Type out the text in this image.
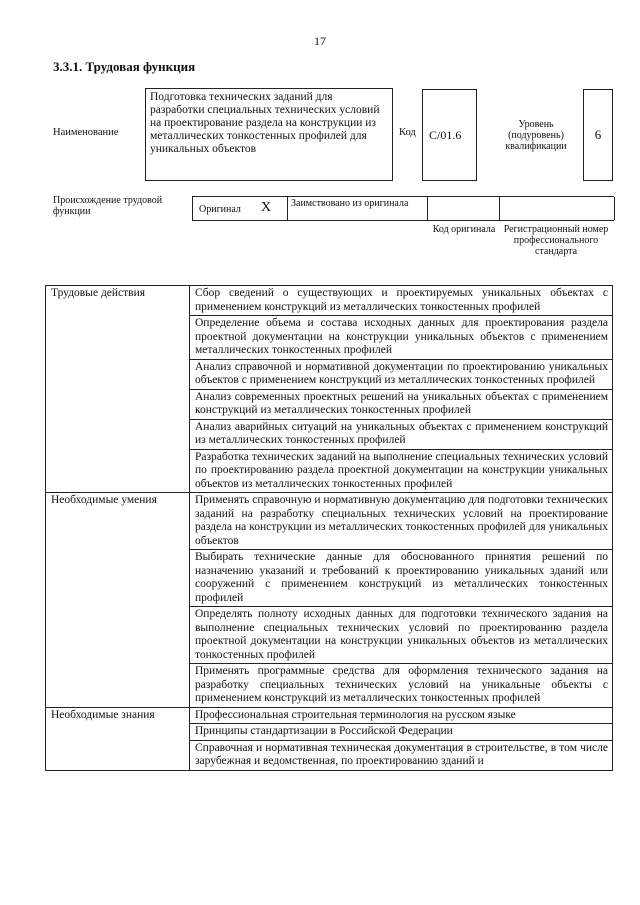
17
3.3.1. Трудовая функция
Наименование
Подготовка технических заданий для разработки специальных технических условий на проектирование раздела на конструкции из металлических тонкостенных профилей для уникальных объектов
Код	С/01.6
Уровень (подуровень) квалификации
6
Происхождение трудовой функции	Оригинал X Заимствовано из оригинала
Код оригинала Регистрационный номер профессионального стандарта
Трудовые действия	Сбор сведений о существующих и проектируемых уникальных объектах с применением конструкций из металлических тонкостенных профилей
	Определение объема и состава исходных данных для проектирования раздела проектной документации на конструкции уникальных объектов с применением металлических тонкостенных профилей
	Анализ справочной и нормативной документации по проектированию уникальных объектов с применением конструкций из металлических тонкостенных профилей
	Анализ современных проектных решений на уникальных объектах с применением конструкций из металлических тонкостенных профилей
	Анализ аварийных ситуаций на уникальных объектах с применением конструкций из металлических тонкостенных профилей
	Разработка технических заданий на выполнение специальных технических условий по проектированию раздела проектной документации на конструкции уникальных объектов из металлических тонкостенных профилей
Необходимые умения	Применять справочную и нормативную документацию для подготовки технических заданий на разработку специальных технических условий на проектирование раздела на конструкции из металлических тонкостенных профилей для уникальных объектов
	Выбирать технические данные для обоснованного принятия решений по назначению указаний и требований к проектированию уникальных зданий или сооружений с применением конструкций из металлических тонкостенных профилей
	Определять полноту исходных данных для подготовки технического задания на выполнение специальных технических условий по проектированию раздела проектной документации на конструкции уникальных объектов из металлических тонкостенных профилей
	Применять программные средства для оформления технического задания на разработку специальных технических условий на уникальные объекты с применением конструкций из металлических тонкостенных профилей
Необходимые знания	Профессиональная строительная терминология на русском языке
	Принципы стандартизации в Российской Федерации
	Справочная и нормативная техническая документация в строительстве, в том числе зарубежная и ведомственная, по проектированию зданий и
